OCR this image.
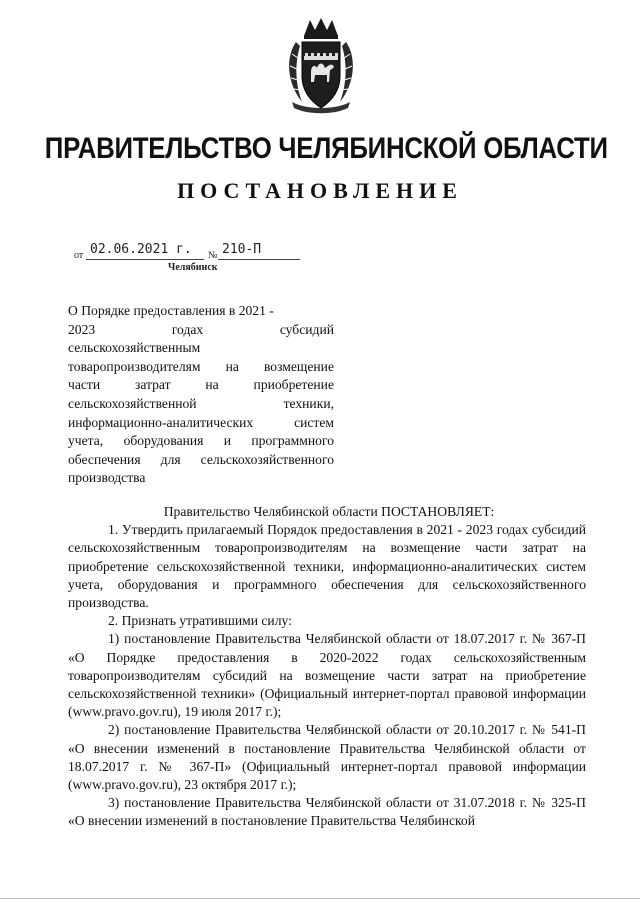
ПРАВИТЕЛЬСТВО ЧЕЛЯБИНСКОЙ ОБЛАСТИ
ПОСТАНОВЛЕНИЕ
от 02.06.2021 г. № 210-П
Челябинск
О Порядке предоставления в 2021 -
2023 годах субсидий
сельскохозяйственным
товаропроизводителям на возмещение
части затрат на приобретение
сельскохозяйственной техники,
информационно-аналитических систем
учета, оборудования и программного
обеспечения для сельскохозяйственного
производства

Правительство Челябинской области ПОСТАНОВЛЯЕТ:

1. Утвердить прилагаемый Порядок предоставления в 2021 - 2023 годах субсидий сельскохозяйственным товаропроизводителям на возмещение части затрат на приобретение сельскохозяйственной техники, информационно-аналитических систем учета, оборудования и программного обеспечения для сельскохозяйственного производства.

2. Признать утратившими силу:

1) постановление Правительства Челябинской области от 18.07.2017 г. № 367-П «О Порядке предоставления в 2020-2022 годах сельскохозяйственным товаропроизводителям субсидий на возмещение части затрат на приобретение сельскохозяйственной техники» (Официальный интернет-портал правовой информации (www.pravo.gov.ru), 19 июля 2017 г.);

2) постановление Правительства Челябинской области от 20.10.2017 г. № 541-П «О внесении изменений в постановление Правительства Челябинской области от 18.07.2017 г. № 367-П» (Официальный интернет-портал правовой информации (www.pravo.gov.ru), 23 октября 2017 г.);

3) постановление Правительства Челябинской области от 31.07.2018 г. № 325-П «О внесении изменений в постановление Правительства Челябинской
